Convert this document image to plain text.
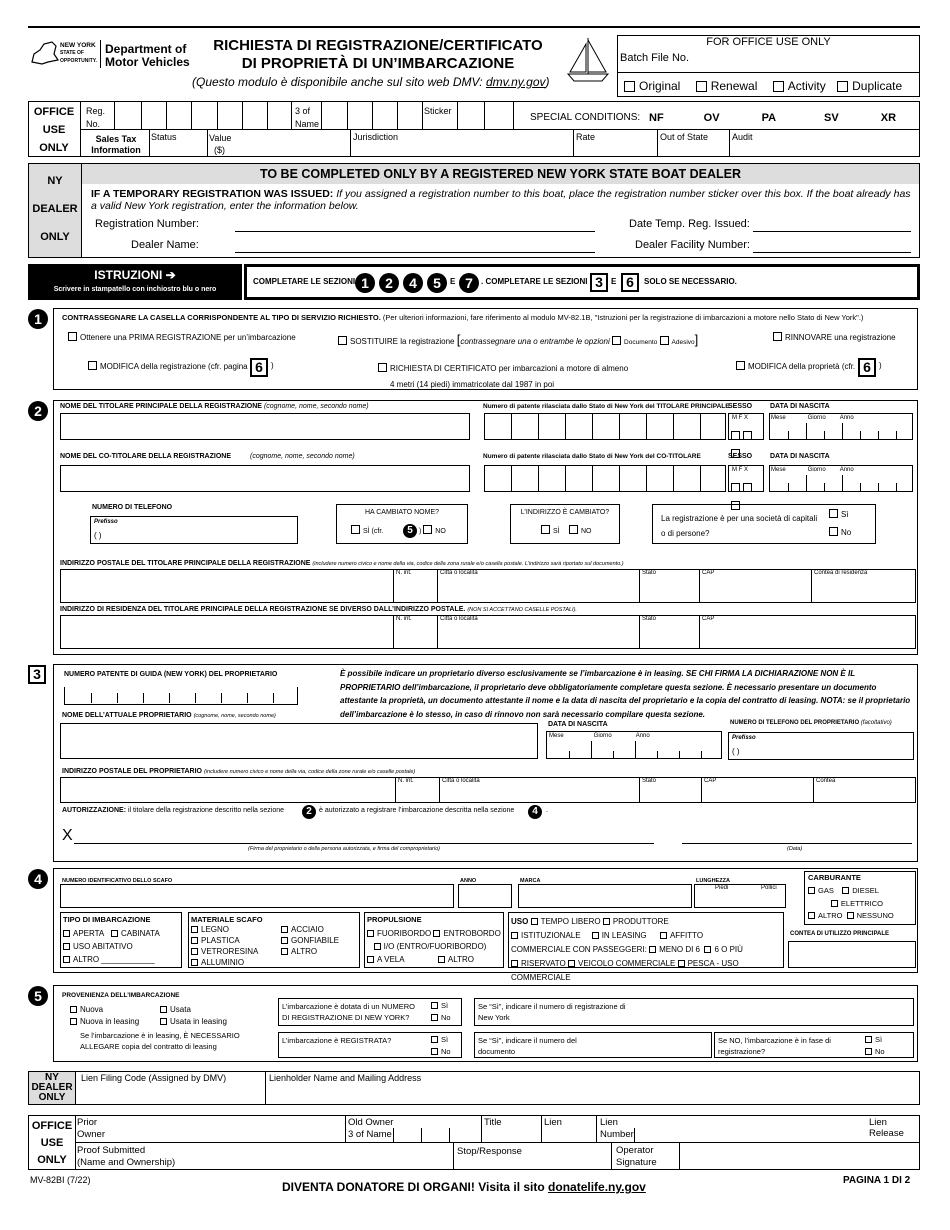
NEW YORK
STATE OF
OPPORTUNITY.
Department of
Motor Vehicles
RICHIESTA DI REGISTRAZIONE/CERTIFICATO
DI PROPRIETÀ DI UN’IMBARCAZIONE
(Questo modulo è disponibile anche sul sito web DMV: dmv.ny.gov)
FOR OFFICE USE ONLY
Batch File No.
Original	Renewal	Activity Duplicate
OFFICE
USE
ONLY
Reg.
No.
3 of
Name
Sticker
SPECIAL CONDITIONS: NF	OV	PA	SV	XR
Sales Tax
Information
Status	Value
($)
Jurisdiction	Rate	Out of State	Audit
NY
DEALER
ONLY
TO BE COMPLETED ONLY BY A REGISTERED NEW YORK STATE BOAT DEALER
IF A TEMPORARY REGISTRATION WAS ISSUED: If you assigned a registration number to this boat, place the registration number sticker over this box. If the boat already has a valid New York registration, enter the information below.
Registration Number:	Date Temp. Reg. Issued:
Dealer Name:	Dealer Facility Number:
ISTRUZIONI ➔
Scrivere in stampatello con inchiostro blu o nero
COMPLETARE LE SEZIONI 1	2	4	5	E 7	. COMPLETARE LE SEZIONI 3	E 6	SOLO SE NECESSARIO.
1	CONTRASSEGNARE LA CASELLA CORRISPONDENTE AL TIPO DI SERVIZIO RICHIESTO. (Per ulteriori informazioni, fare riferimento al modulo MV-82.1B, "Istruzioni per la registrazione di imbarcazioni a motore nello Stato di New York".)
Ottenere una PRIMA REGISTRAZIONE per un’imbarcazione	SOSTITUIRE la registrazione [contrassegnare una o entrambe le opzioni Documento Adesivo]	RINNOVARE una registrazione
MODIFICA della registrazione (cfr. pagina 6	)	RICHIESTA DI CERTIFICATO per imbarcazioni a motore di almeno
4 metri (14 piedi) immatricolate dal 1987 in poi
MODIFICA della proprietà (cfr. 6	)
2	NOME DEL TITOLARE PRINCIPALE DELLA REGISTRAZIONE (cognome, nome, secondo nome)	Numero di patente rilasciata dallo Stato di New York del TITOLARE PRINCIPALE
SESSO
M F X
DATA DI NASCITA
Mese	Giorno Anno
NOME DEL CO-TITOLARE DELLA REGISTRAZIONE	(cognome, nome, secondo nome)	Numero di patente rilasciata dallo Stato di New York del CO-TITOLARE	SESSO
M F X
DATA DI NASCITA
Mese	Giorno Anno
NUMERO DI TELEFONO
Prefisso
( )
HA CAMBIATO NOME?
SÌ (cfr.	5 ) NO
L’INDIRIZZO È CAMBIATO?
SÌ	NO
La registrazione è per una società di capitali o di persone?
Sì
No
INDIRIZZO POSTALE DEL TITOLARE PRINCIPALE DELLA REGISTRAZIONE (includere numero civico e nome della via, codice della zona rurale e/o casella postale. L’indirizzo sarà riportato sul documento.)
N. int.	Città o località	Stato	CAP	Contea di residenza
INDIRIZZO DI RESIDENZA DEL TITOLARE PRINCIPALE DELLA REGISTRAZIONE SE DIVERSO DALL’INDIRIZZO POSTALE. (NON SI ACCETTANO CASELLE POSTALI).
N. int.	Città o località	Stato	CAP
3	NUMERO PATENTE DI GUIDA (NEW YORK) DEL PROPRIETARIO	È possibile indicare un proprietario diverso esclusivamente se l’imbarcazione è in leasing. SE CHI FIRMA LA DICHIARAZIONE NON È IL PROPRIETARIO dell’imbarcazione, il proprietario deve obbligatoriamente completare questa sezione. È necessario presentare un documento attestante la proprietà, un documento attestante il nome e la data di nascita del proprietario e la copia del contratto di leasing. NOTA: se il proprietario dell’imbarcazione è lo stesso, in caso di rinnovo non sarà necessario compilare questa sezione.
NOME DELL’ATTUALE PROPRIETARIO (cognome, nome, secondo nome)
DATA DI NASCITA
Mese	Giorno	Anno
NUMERO DI TELEFONO DEL PROPRIETARIO (facoltativo)
Prefisso
( )
INDIRIZZO POSTALE DEL PROPRIETARIO (includere numero civico e nome della via, codice della zone rurale e/o caselle postale)
N. int.	Città o località	Stato	CAP	Contea
AUTORIZZAZIONE: il titolare della registrazione descritto nella sezione	2	è autorizzato a registrare l’imbarcazione descritta nella sezione	4	.
X
(Firma del proprietario o della persona autorizzata, e firma del comproprietario)	(Data)
4	NUMERO IDENTIFICATIVO DELLO SCAFO	ANNO	MARCA	LUNGHEZZA
Piedi	Pollici
CARBURANTE
GAS DIESEL
ELETTRICO
ALTRO NESSUNO
TIPO DI IMBARCAZIONE
APERTA CABINATA
USO ABITATIVO
ALTRO ____________
MATERIALE SCAFO
LEGNO
PLASTICA
VETRORESINA
ALLUMINIO
ACCIAIO
GONFIABILE
ALTRO
PROPULSIONE
FUORIBORDO ENTROBORDO
I/O (ENTRO/FUORIBORDO)
A VELA	ALTRO
USO TEMPO LIBERO PRODUTTORE
ISTITUZIONALE	IN LEASING	AFFITTO
COMMERCIALE CON PASSEGGERI: MENO DI 6 6 O PIÙ
RISERVATO VEICOLO COMMERCIALE PESCA - USO COMMERCIALE
CONTEA DI UTILIZZO PRINCIPALE
5	PROVENIENZA DELL’IMBARCAZIONE
Nuova
Nuova in leasing
Usata
Usata in leasing
Se l’imbarcazione è in leasing, È NECESSARIO ALLEGARE copia del contratto di leasing
L’imbarcazione è dotata di un NUMERO DI REGISTRAZIONE DI NEW YORK?
Sì
No
Se “Sì”, indicare il numero di registrazione di New York
L’imbarcazione è REGISTRATA?	Sì
No
Se “Sì”, indicare il numero del documento
Se NO, l’imbarcazione è in fase di registrazione?
Sì
No
NY
DEALER
ONLY
Lien Filing Code (Assigned by DMV)	Lienholder Name and Mailing Address
OFFICE
USE
ONLY
Prior
Owner
Old Owner
3 of Name
Title	Lien	Lien
Number
Lien Release
Proof Submitted
(Name and Ownership)
Stop/Response	Operator
Signature
MV-82BI (7/22)	DIVENTA DONATORE DI ORGANI! Visita il sito donatelife.ny.gov	PAGINA 1 DI 2
